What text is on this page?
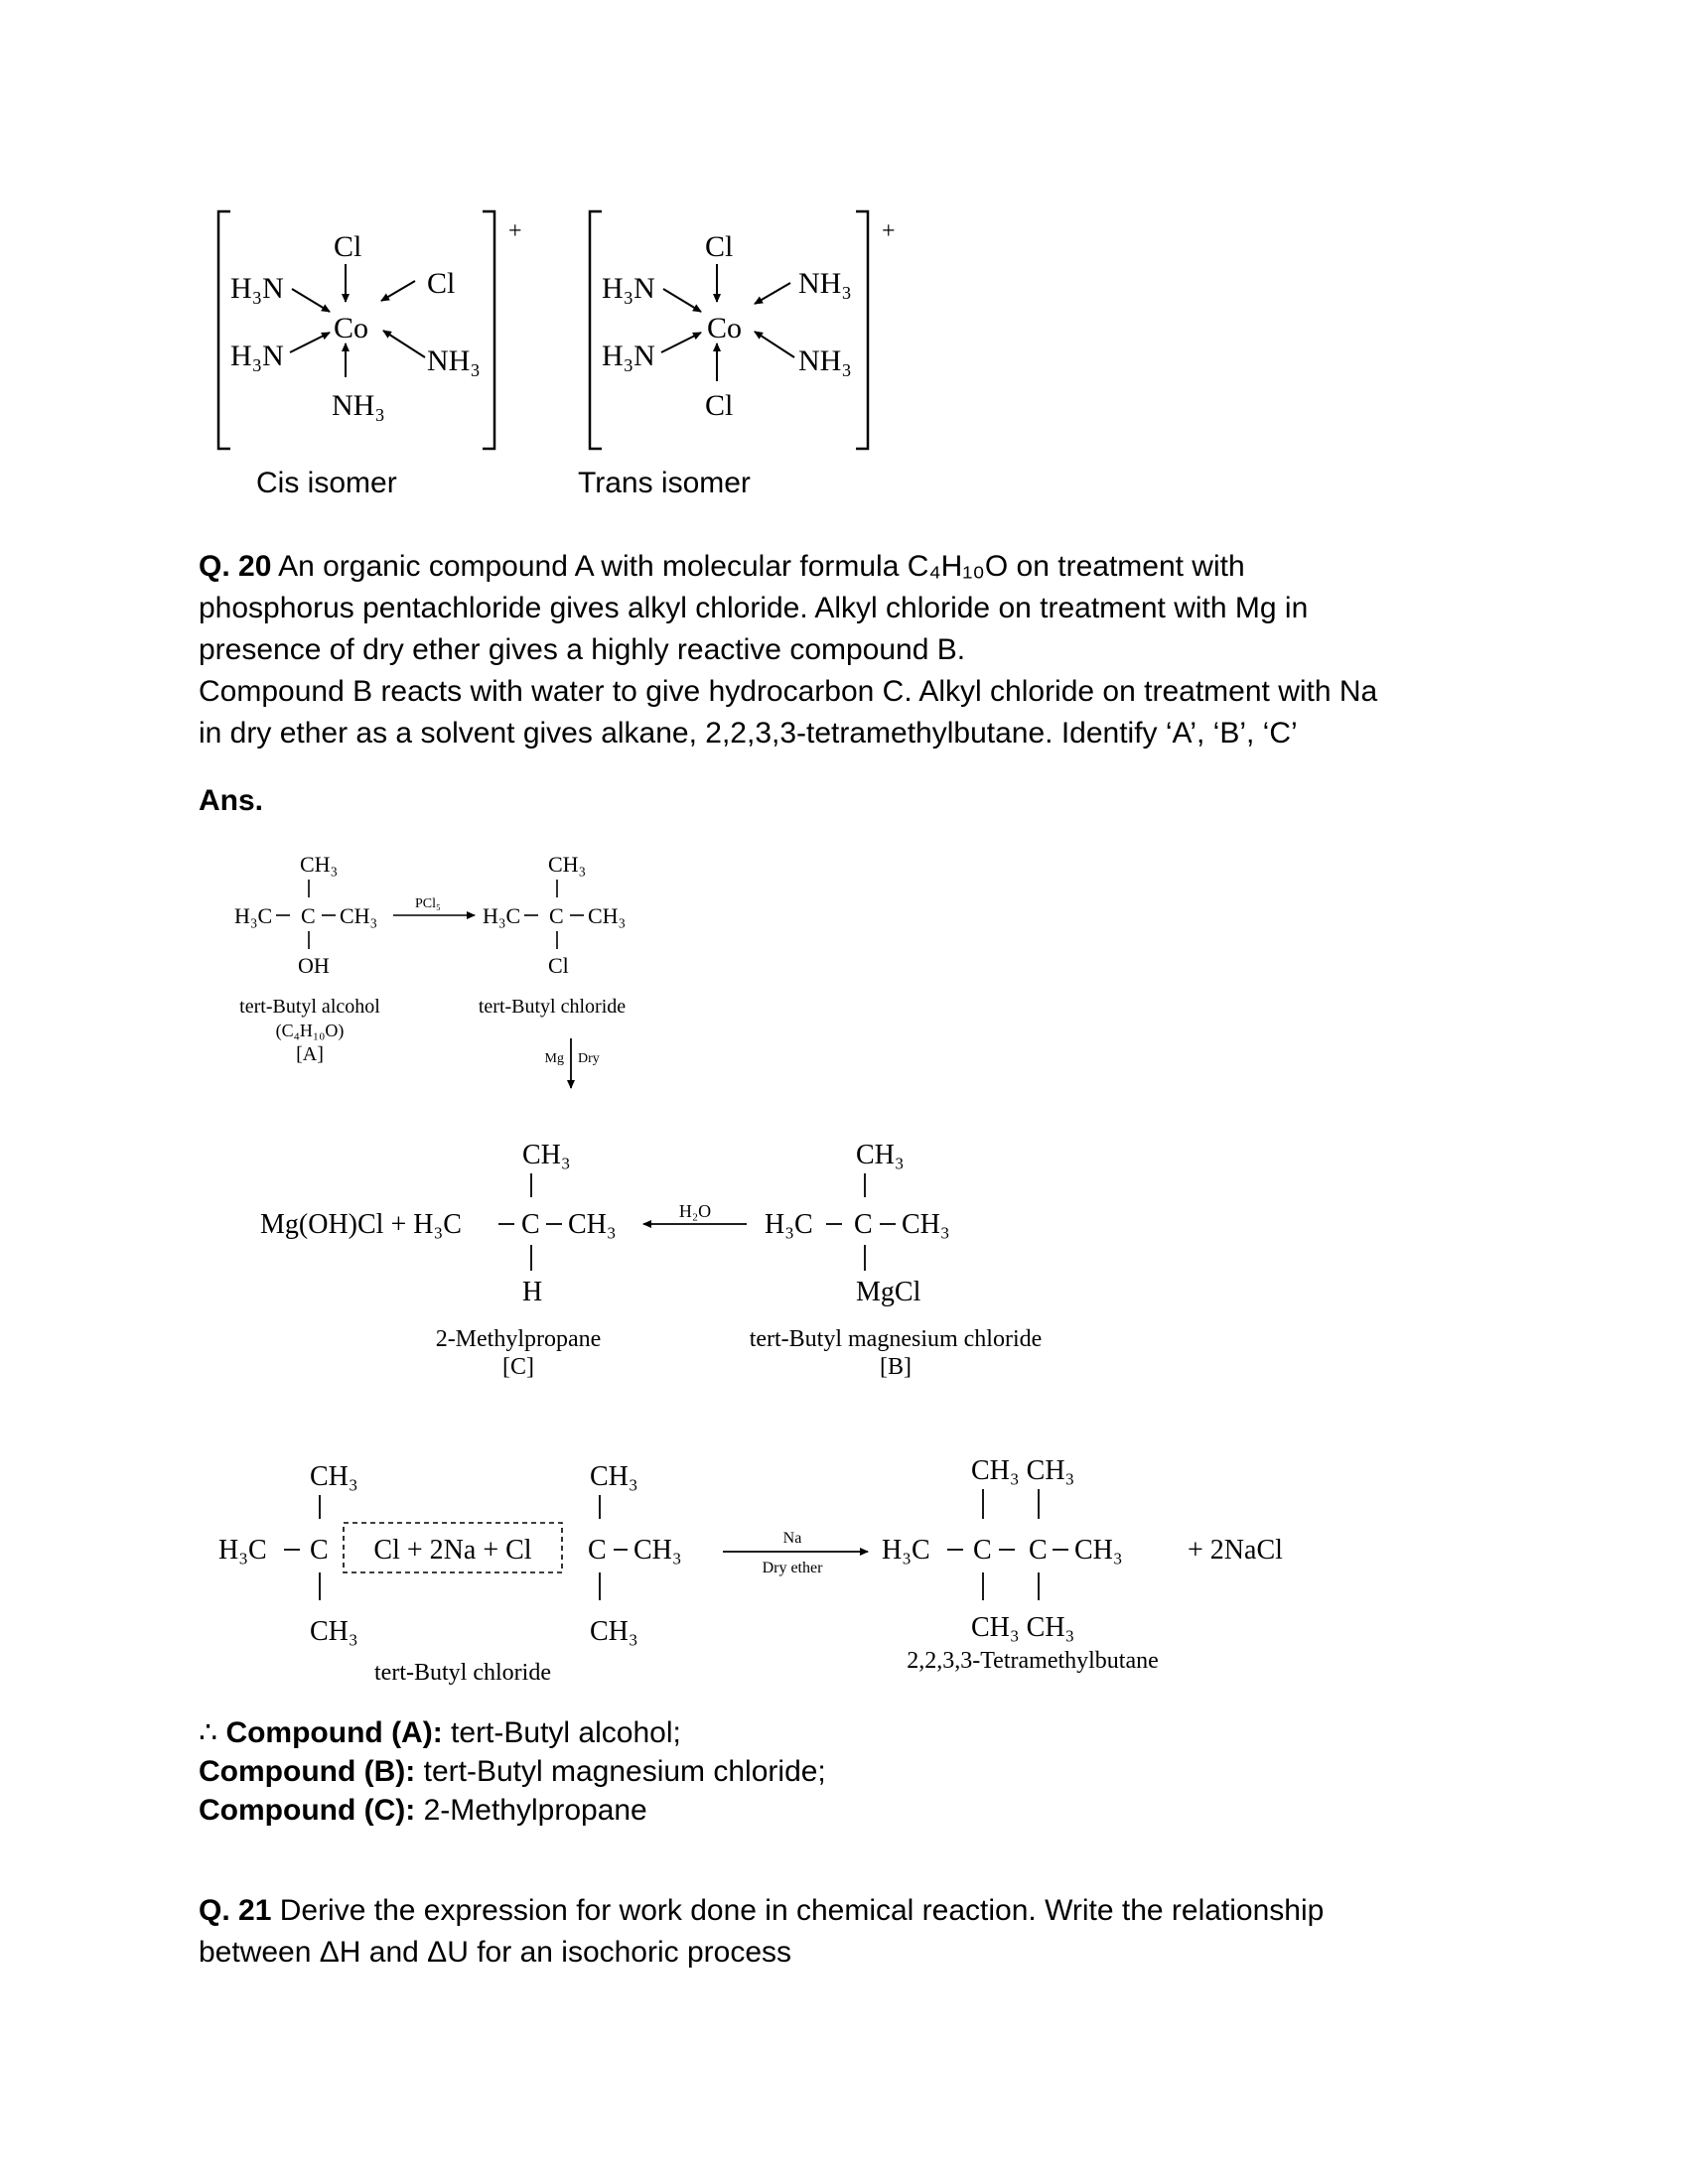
+
Cl
H₃N	Cl
Co
H₃N	NH₃
NH₃
+
Cl
H₃N	NH₃
Co
H₃N	NH₃
Cl
CH₃
H₃C C CH₃
OH
PCl₅
CH₃
H₃C C CH₃
Cl
tert-Butyl alcohol
(C₄H₁₀O)
[A]
tert-Butyl chloride
Mg Dry
CH₃
Mg(OH)Cl + H₃C C CH₃
H
H₂O
CH₃
H₃C C CH₃
MgCl
2-Methylpropane
[C]
tert-Butyl magnesium chloride
[B]
CH₃
H₃C C
CH₃
Cl + 2Na + Cl
CH₃
C CH₃
CH₃
Na
Dry ether
CH₃ CH₃
H₃C C C CH₃
CH₃ CH₃
+ 2NaCl
tert-Butyl chloride	2,2,3,3-Tetramethylbutane
Cis isomer	Trans isomer
Q. 20 An organic compound A with molecular formula C₄H₁₀O on treatment with
phosphorus pentachloride gives alkyl chloride. Alkyl chloride on treatment with Mg in
presence of dry ether gives a highly reactive compound B.
Compound B reacts with water to give hydrocarbon C. Alkyl chloride on treatment with Na
in dry ether as a solvent gives alkane, 2,2,3,3-tetramethylbutane. Identify ‘A’, ‘B’, ‘C’
Ans.
∴ Compound (A): tert-Butyl alcohol;
Compound (B): tert-Butyl magnesium chloride;
Compound (C): 2-Methylpropane
Q. 21 Derive the expression for work done in chemical reaction. Write the relationship
between ΔH and ΔU for an isochoric process
